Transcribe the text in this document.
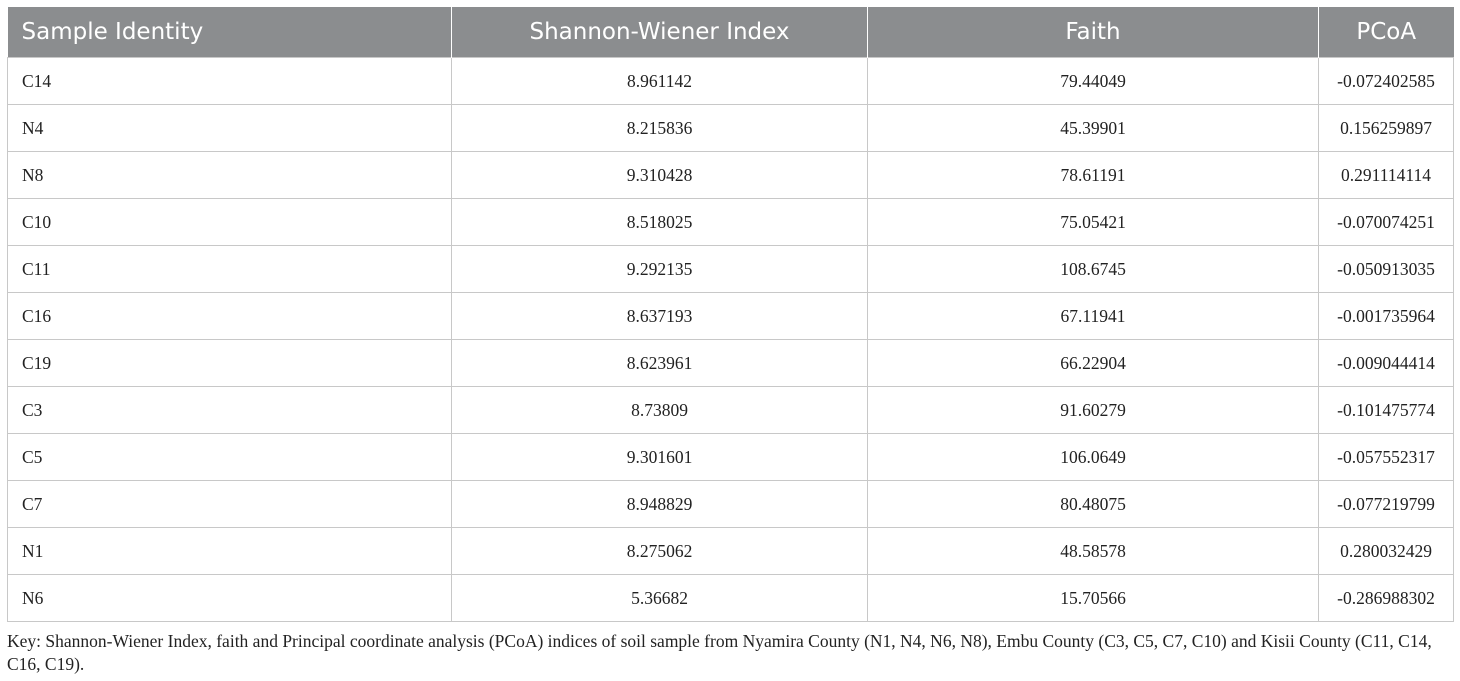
Sample Identity	Shannon-Wiener Index	Faith	PCoA
C14	8.961142	79.44049	-0.072402585
N4	8.215836	45.39901	0.156259897
N8	9.310428	78.61191	0.291114114
C10	8.518025	75.05421	-0.070074251
C11	9.292135	108.6745	-0.050913035
C16	8.637193	67.11941	-0.001735964
C19	8.623961	66.22904	-0.009044414
C3	8.73809	91.60279	-0.101475774
C5	9.301601	106.0649	-0.057552317
C7	8.948829	80.48075	-0.077219799
N1	8.275062	48.58578	0.280032429
N6	5.36682	15.70566	-0.286988302
Key: Shannon-Wiener Index, faith and Principal coordinate analysis (PCoA) indices of soil sample from Nyamira County (N1, N4, N6, N8), Embu County (C3, C5, C7, C10) and Kisii County (C11, C14, C16, C19).
